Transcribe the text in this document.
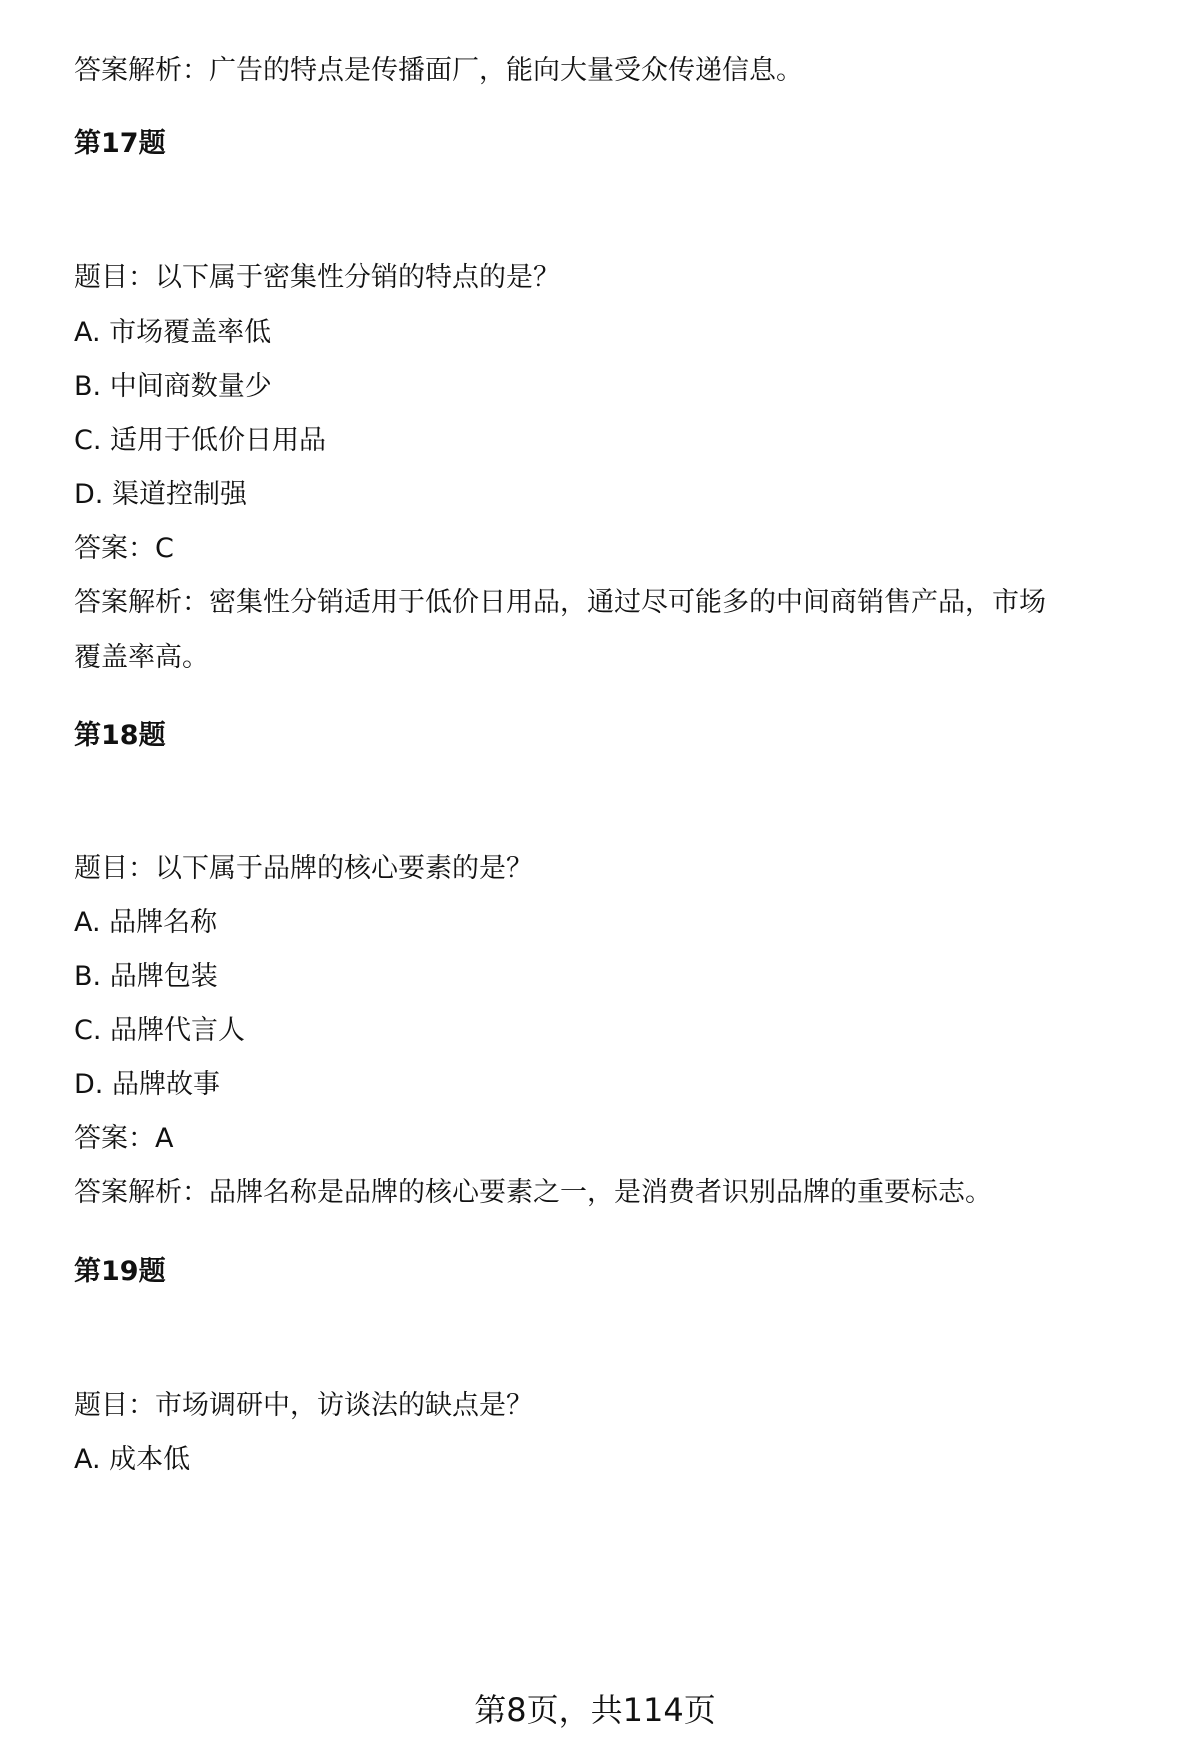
答案解析：广告的特点是传播面厂，能向大量受众传递信息。
第17题
题目：以下属于密集性分销的特点的是？
A. 市场覆盖率低
B. 中间商数量少
C. 适用于低价日用品
D. 渠道控制强
答案：C
答案解析：密集性分销适用于低价日用品，通过尽可能多的中间商销售产品，市场
覆盖率高。
第18题
题目：以下属于品牌的核心要素的是？
A. 品牌名称
B. 品牌包装
C. 品牌代言人
D. 品牌故事
答案：A
答案解析：品牌名称是品牌的核心要素之一，是消费者识别品牌的重要标志。
第19题
题目：市场调研中，访谈法的缺点是？
A. 成本低
第8页，共114页
